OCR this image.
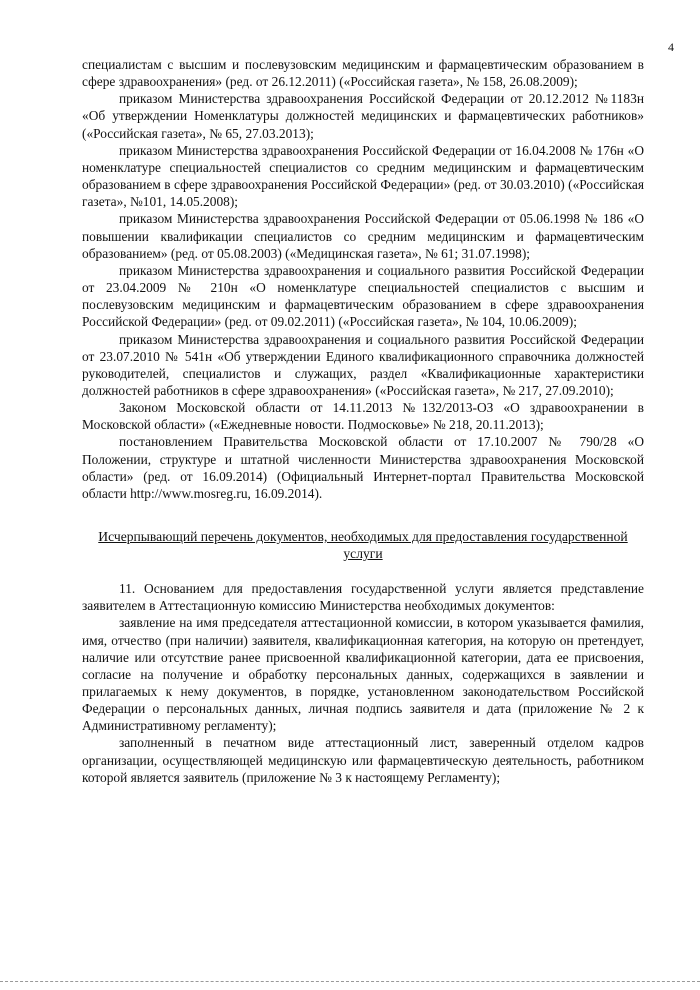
4

специалистам с высшим и послевузовским медицинским и фармацевтическим образованием в сфере здравоохранения» (ред. от 26.12.2011) («Российская газета», № 158, 26.08.2009);

приказом Министерства здравоохранения Российской Федерации от 20.12.2012 №1183н «Об утверждении Номенклатуры должностей медицинских и фармацевтических работников» («Российская газета», № 65, 27.03.2013);

приказом Министерства здравоохранения Российской Федерации от 16.04.2008 № 176н «О номенклатуре специальностей специалистов со средним медицинским и фармацевтическим образованием в сфере здравоохранения Российской Федерации» (ред. от 30.03.2010) («Российская газета», №101, 14.05.2008);

приказом Министерства здравоохранения Российской Федерации от 05.06.1998 № 186 «О повышении квалификации специалистов со средним медицинским и фармацевтическим образованием» (ред. от 05.08.2003) («Медицинская газета», № 61; 31.07.1998);

приказом Министерства здравоохранения и социального развития Российской Федерации от 23.04.2009 № 210н «О номенклатуре специальностей специалистов с высшим и послевузовским медицинским и фармацевтическим образованием в сфере здравоохранения Российской Федерации» (ред. от 09.02.2011) («Российская газета», № 104, 10.06.2009);

приказом Министерства здравоохранения и социального развития Российской Федерации от 23.07.2010 № 541н «Об утверждении Единого квалификационного справочника должностей руководителей, специалистов и служащих, раздел «Квалификационные характеристики должностей работников в сфере здравоохранения» («Российская газета», № 217, 27.09.2010);

Законом Московской области от 14.11.2013 №132/2013-ОЗ «О здравоохранении в Московской области» («Ежедневные новости. Подмосковье» № 218, 20.11.2013);

постановлением Правительства Московской области от 17.10.2007 № 790/28 «О Положении, структуре и штатной численности Министерства здравоохранения Московской области» (ред. от 16.09.2014) (Официальный Интернет-портал Правительства Московской области http://www.mosreg.ru, 16.09.2014).

Исчерпывающий перечень документов, необходимых для предоставления государственной услуги

11. Основанием для предоставления государственной услуги является представление заявителем в Аттестационную комиссию Министерства необходимых документов:

заявление на имя председателя аттестационной комиссии, в котором указывается фамилия, имя, отчество (при наличии) заявителя, квалификационная категория, на которую он претендует, наличие или отсутствие ранее присвоенной квалификационной категории, дата ее присвоения, согласие на получение и обработку персональных данных, содержащихся в заявлении и прилагаемых к нему документов, в порядке, установленном законодательством Российской Федерации о персональных данных, личная подпись заявителя и дата (приложение № 2 к Административному регламенту);

заполненный в печатном виде аттестационный лист, заверенный отделом кадров организации, осуществляющей медицинскую или фармацевтическую деятельность, работником которой является заявитель (приложение № 3 к настоящему Регламенту);
